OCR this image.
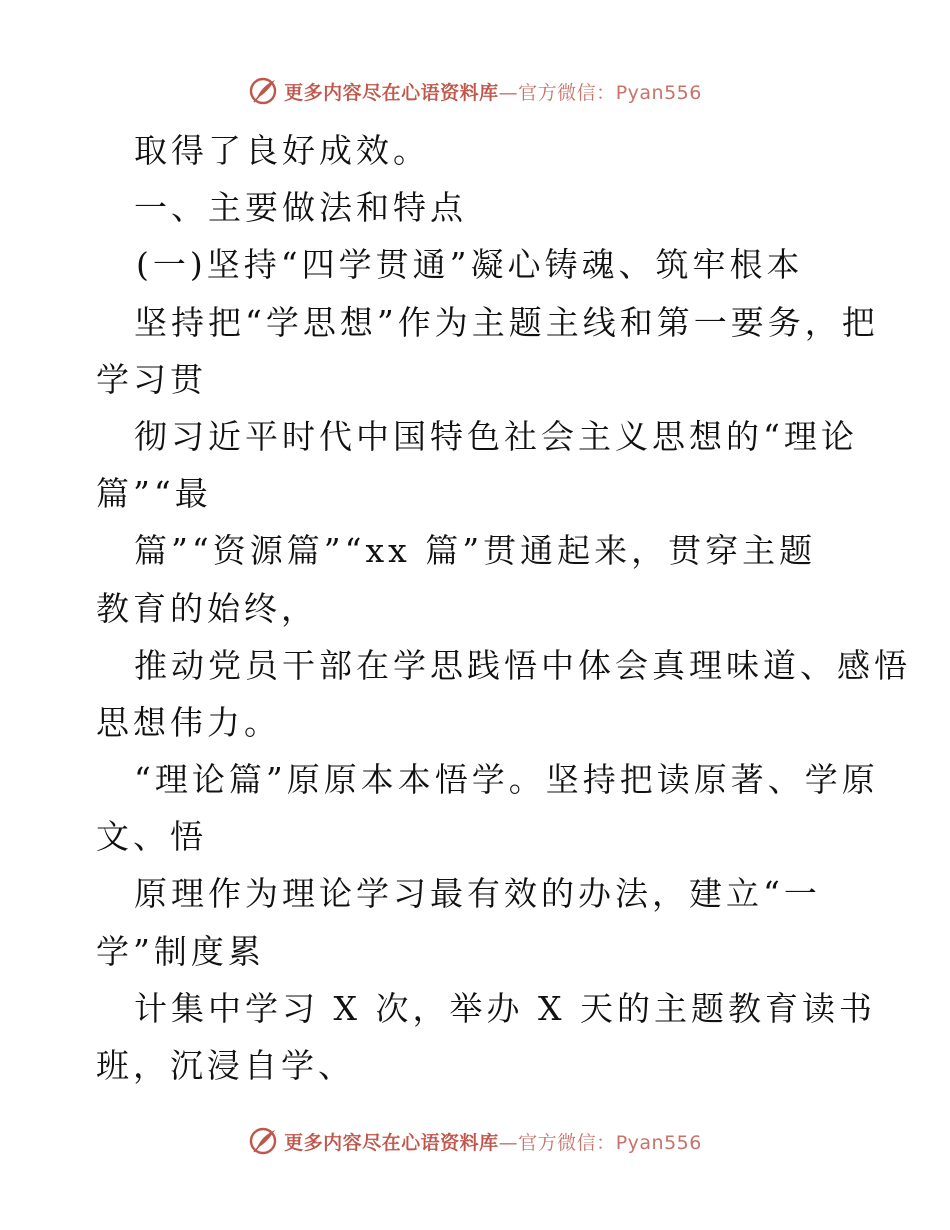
更多内容尽在心语资料库—官方微信：Pyan556
取得了良好成效。
一、主要做法和特点
(一)坚持“四学贯通”凝心铸魂、筑牢根本
坚持把“学思想”作为主题主线和第一要务，把
学习贯
彻习近平时代中国特色社会主义思想的“理论
篇”“最
篇”“资源篇”“xx 篇”贯通起来，贯穿主题
教育的始终，
推动党员干部在学思践悟中体会真理味道、感悟
思想伟力。
“理论篇”原原本本悟学。坚持把读原著、学原
文、悟
原理作为理论学习最有效的办法，建立“一
学”制度累
计集中学习 X 次，举办 X 天的主题教育读书
班，沉浸自学、
更多内容尽在心语资料库—官方微信：Pyan556
